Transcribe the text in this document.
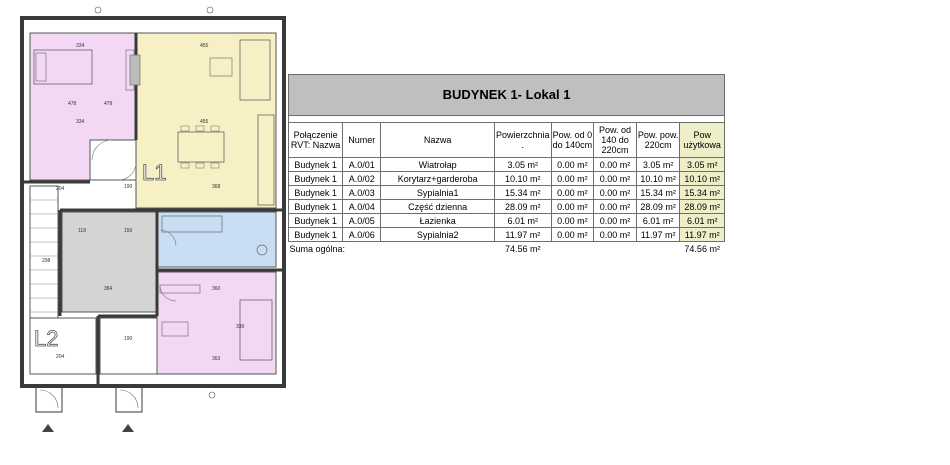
334	455
478	479
334	455
190	368
118	150
298
384	360
190
363
204
330
204
L1
L2
BUDYNEK 1- Lokal 1							

Połączenie RVT: Nazwa	Numer	Nazwa	Powierzchnia .	Pow. od 0 do 140cm	Pow. od 140 do 220cm	Pow. pow. 220cm	Pow użytkowa
Budynek 1	A.0/01	Wiatrołap	3.05 m²	0.00 m²	0.00 m²	3.05 m²	3.05 m²
Budynek 1	A.0/02	Korytarz+garderoba	10.10 m²	0.00 m²	0.00 m²	10.10 m²	10.10 m²
Budynek 1	A.0/03	Sypialnia1	15.34 m²	0.00 m²	0.00 m²	15.34 m²	15.34 m²
Budynek 1	A.0/04	Część dzienna	28.09 m²	0.00 m²	0.00 m²	28.09 m²	28.09 m²
Budynek 1	A.0/05	Łazienka	6.01 m²	0.00 m²	0.00 m²	6.01 m²	6.01 m²
Budynek 1	A.0/06	Sypialnia2	11.97 m²	0.00 m²	0.00 m²	11.97 m²	11.97 m²
Suma ogólna:			74.56 m²				74.56 m²
